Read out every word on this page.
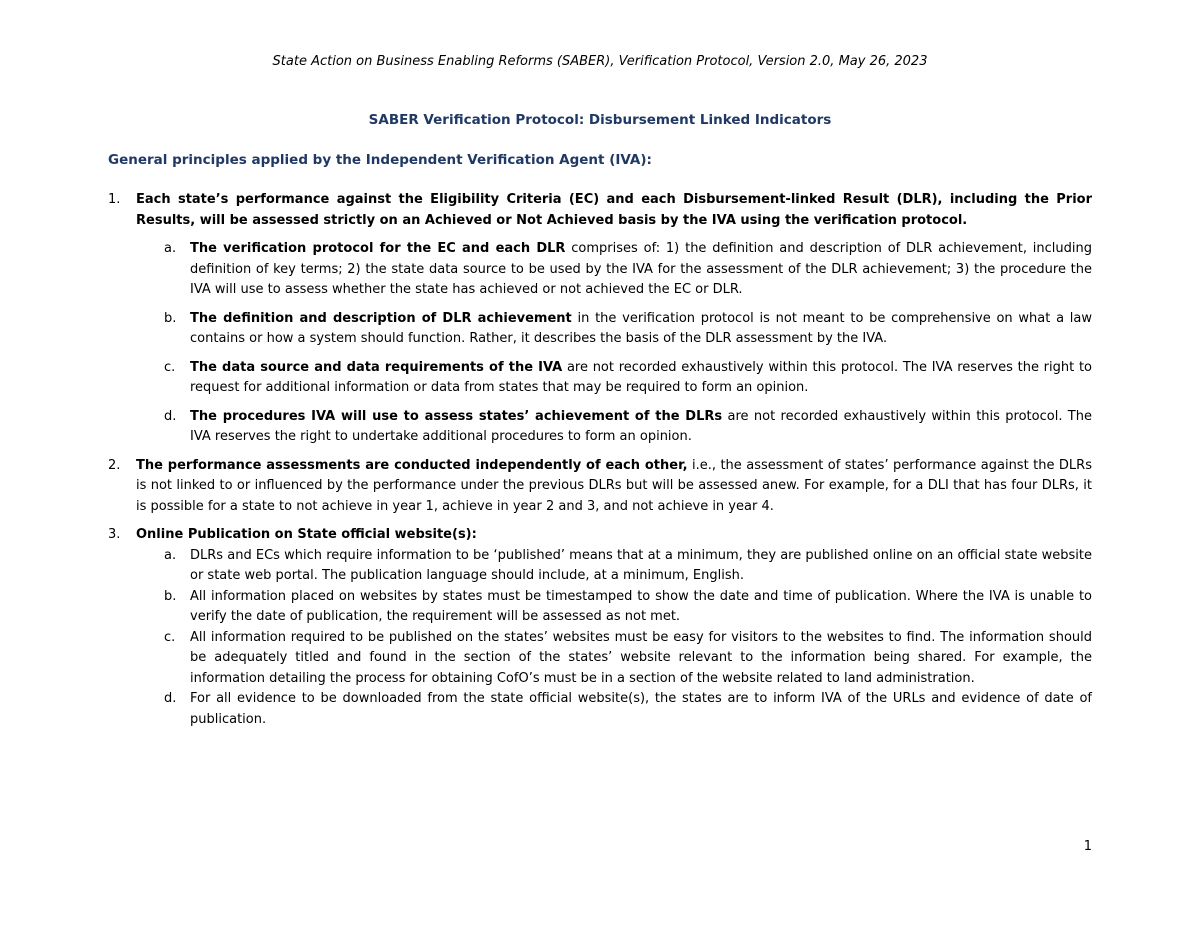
State Action on Business Enabling Reforms (SABER), Verification Protocol, Version 2.0, May 26, 2023
SABER Verification Protocol: Disbursement Linked Indicators
General principles applied by the Independent Verification Agent (IVA):
1. Each state’s performance against the Eligibility Criteria (EC) and each Disbursement-linked Result (DLR), including the Prior Results, will be assessed strictly on an Achieved or Not Achieved basis by the IVA using the verification protocol.
a. The verification protocol for the EC and each DLR comprises of: 1) the definition and description of DLR achievement, including definition of key terms; 2) the state data source to be used by the IVA for the assessment of the DLR achievement; 3) the procedure the IVA will use to assess whether the state has achieved or not achieved the EC or DLR.
b. The definition and description of DLR achievement in the verification protocol is not meant to be comprehensive on what a law contains or how a system should function. Rather, it describes the basis of the DLR assessment by the IVA.
c. The data source and data requirements of the IVA are not recorded exhaustively within this protocol. The IVA reserves the right to request for additional information or data from states that may be required to form an opinion.
d. The procedures IVA will use to assess states’ achievement of the DLRs are not recorded exhaustively within this protocol. The IVA reserves the right to undertake additional procedures to form an opinion.
2. The performance assessments are conducted independently of each other, i.e., the assessment of states’ performance against the DLRs is not linked to or influenced by the performance under the previous DLRs but will be assessed anew. For example, for a DLI that has four DLRs, it is possible for a state to not achieve in year 1, achieve in year 2 and 3, and not achieve in year 4.
3. Online Publication on State official website(s):
a. DLRs and ECs which require information to be ‘published’ means that at a minimum, they are published online on an official state website or state web portal. The publication language should include, at a minimum, English.
b. All information placed on websites by states must be timestamped to show the date and time of publication. Where the IVA is unable to verify the date of publication, the requirement will be assessed as not met.
c. All information required to be published on the states’ websites must be easy for visitors to the websites to find. The information should be adequately titled and found in the section of the states’ website relevant to the information being shared. For example, the information detailing the process for obtaining CofO’s must be in a section of the website related to land administration.
d. For all evidence to be downloaded from the state official website(s), the states are to inform IVA of the URLs and evidence of date of publication.
1
